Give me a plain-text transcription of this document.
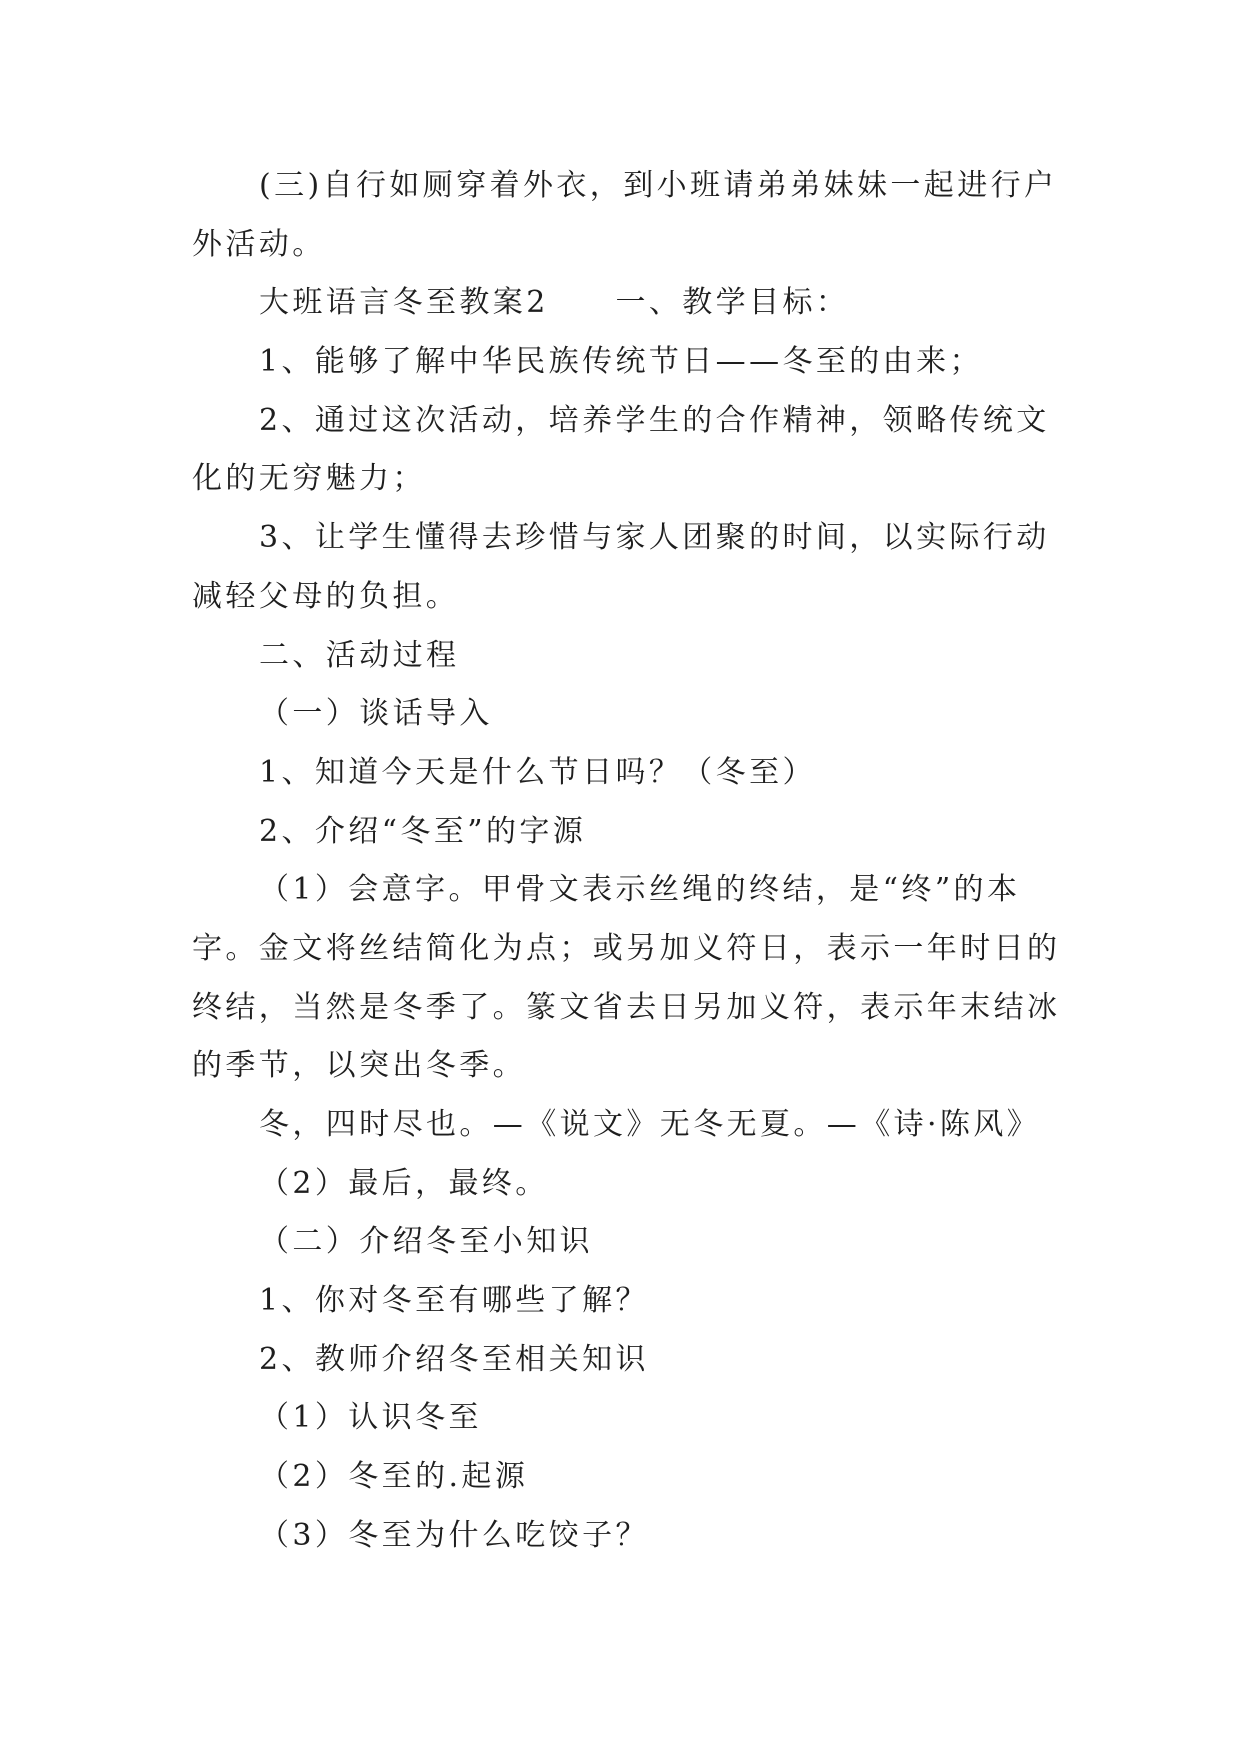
(三)自行如厕穿着外衣，到小班请弟弟妹妹一起进行户
外活动。
大班语言冬至教案2　　一、教学目标：
1、能够了解中华民族传统节日——冬至的由来；
2、通过这次活动，培养学生的合作精神，领略传统文
化的无穷魅力；
3、让学生懂得去珍惜与家人团聚的时间，以实际行动
减轻父母的负担。
二、活动过程
（一）谈话导入
1、知道今天是什么节日吗？（冬至）
2、介绍“冬至”的字源
（1）会意字。甲骨文表示丝绳的终结，是“终”的本
字。金文将丝结简化为点；或另加义符日，表示一年时日的
终结，当然是冬季了。篆文省去日另加义符，表示年末结冰
的季节，以突出冬季。
冬，四时尽也。—《说文》无冬无夏。—《诗·陈风》
（2）最后，最终。
（二）介绍冬至小知识
1、你对冬至有哪些了解？
2、教师介绍冬至相关知识
（1）认识冬至
（2）冬至的.起源
（3）冬至为什么吃饺子？
